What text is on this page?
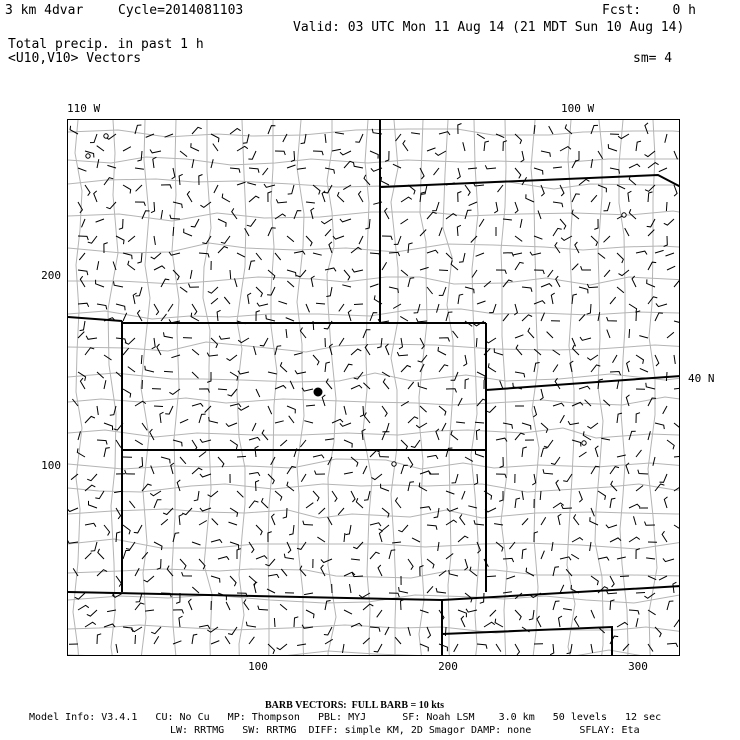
3 km 4dvar	Cycle=2014081103	Fcst:    0 h
Valid: 03 UTC Mon 11 Aug 14 (21 MDT Sun 10 Aug 14)
Total precip. in past 1 h
<U10,V10> Vectors	sm= 4
110 W	100 W
200
100
40 N
100	200	300
BARB VECTORS:  FULL BARB = 10 kts
Model Info: V3.4.1   CU: No Cu   MP: Thompson   PBL: MYJ      SF: Noah LSM    3.0 km   50 levels   12 sec
LW: RRTMG   SW: RRTMG  DIFF: simple KM, 2D Smagor DAMP: none        SFLAY: Eta
